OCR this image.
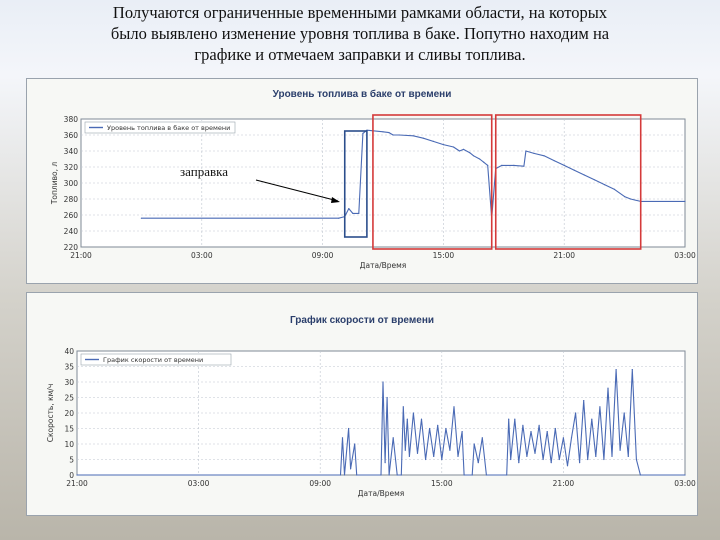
Получаются ограниченные временными рамками области, на которых
было выявлено изменение уровня топлива в баке. Попутно находим на
графике и отмечаем заправки и сливы топлива.
Уровень топлива в баке от времени
220
240
260
280
300
320
340
360
380
21:00	03:00	09:00	15:00	21:00	03:00
Дата/Время
Топливо, л
Уровень топлива в баке от времени
График скорости от времени
0
5
10
15
20
25
30
35
40
21:00	03:00	09:00	15:00	21:00	03:00
Дата/Время
Скорость, км/ч
График скорости от времени
заправка
